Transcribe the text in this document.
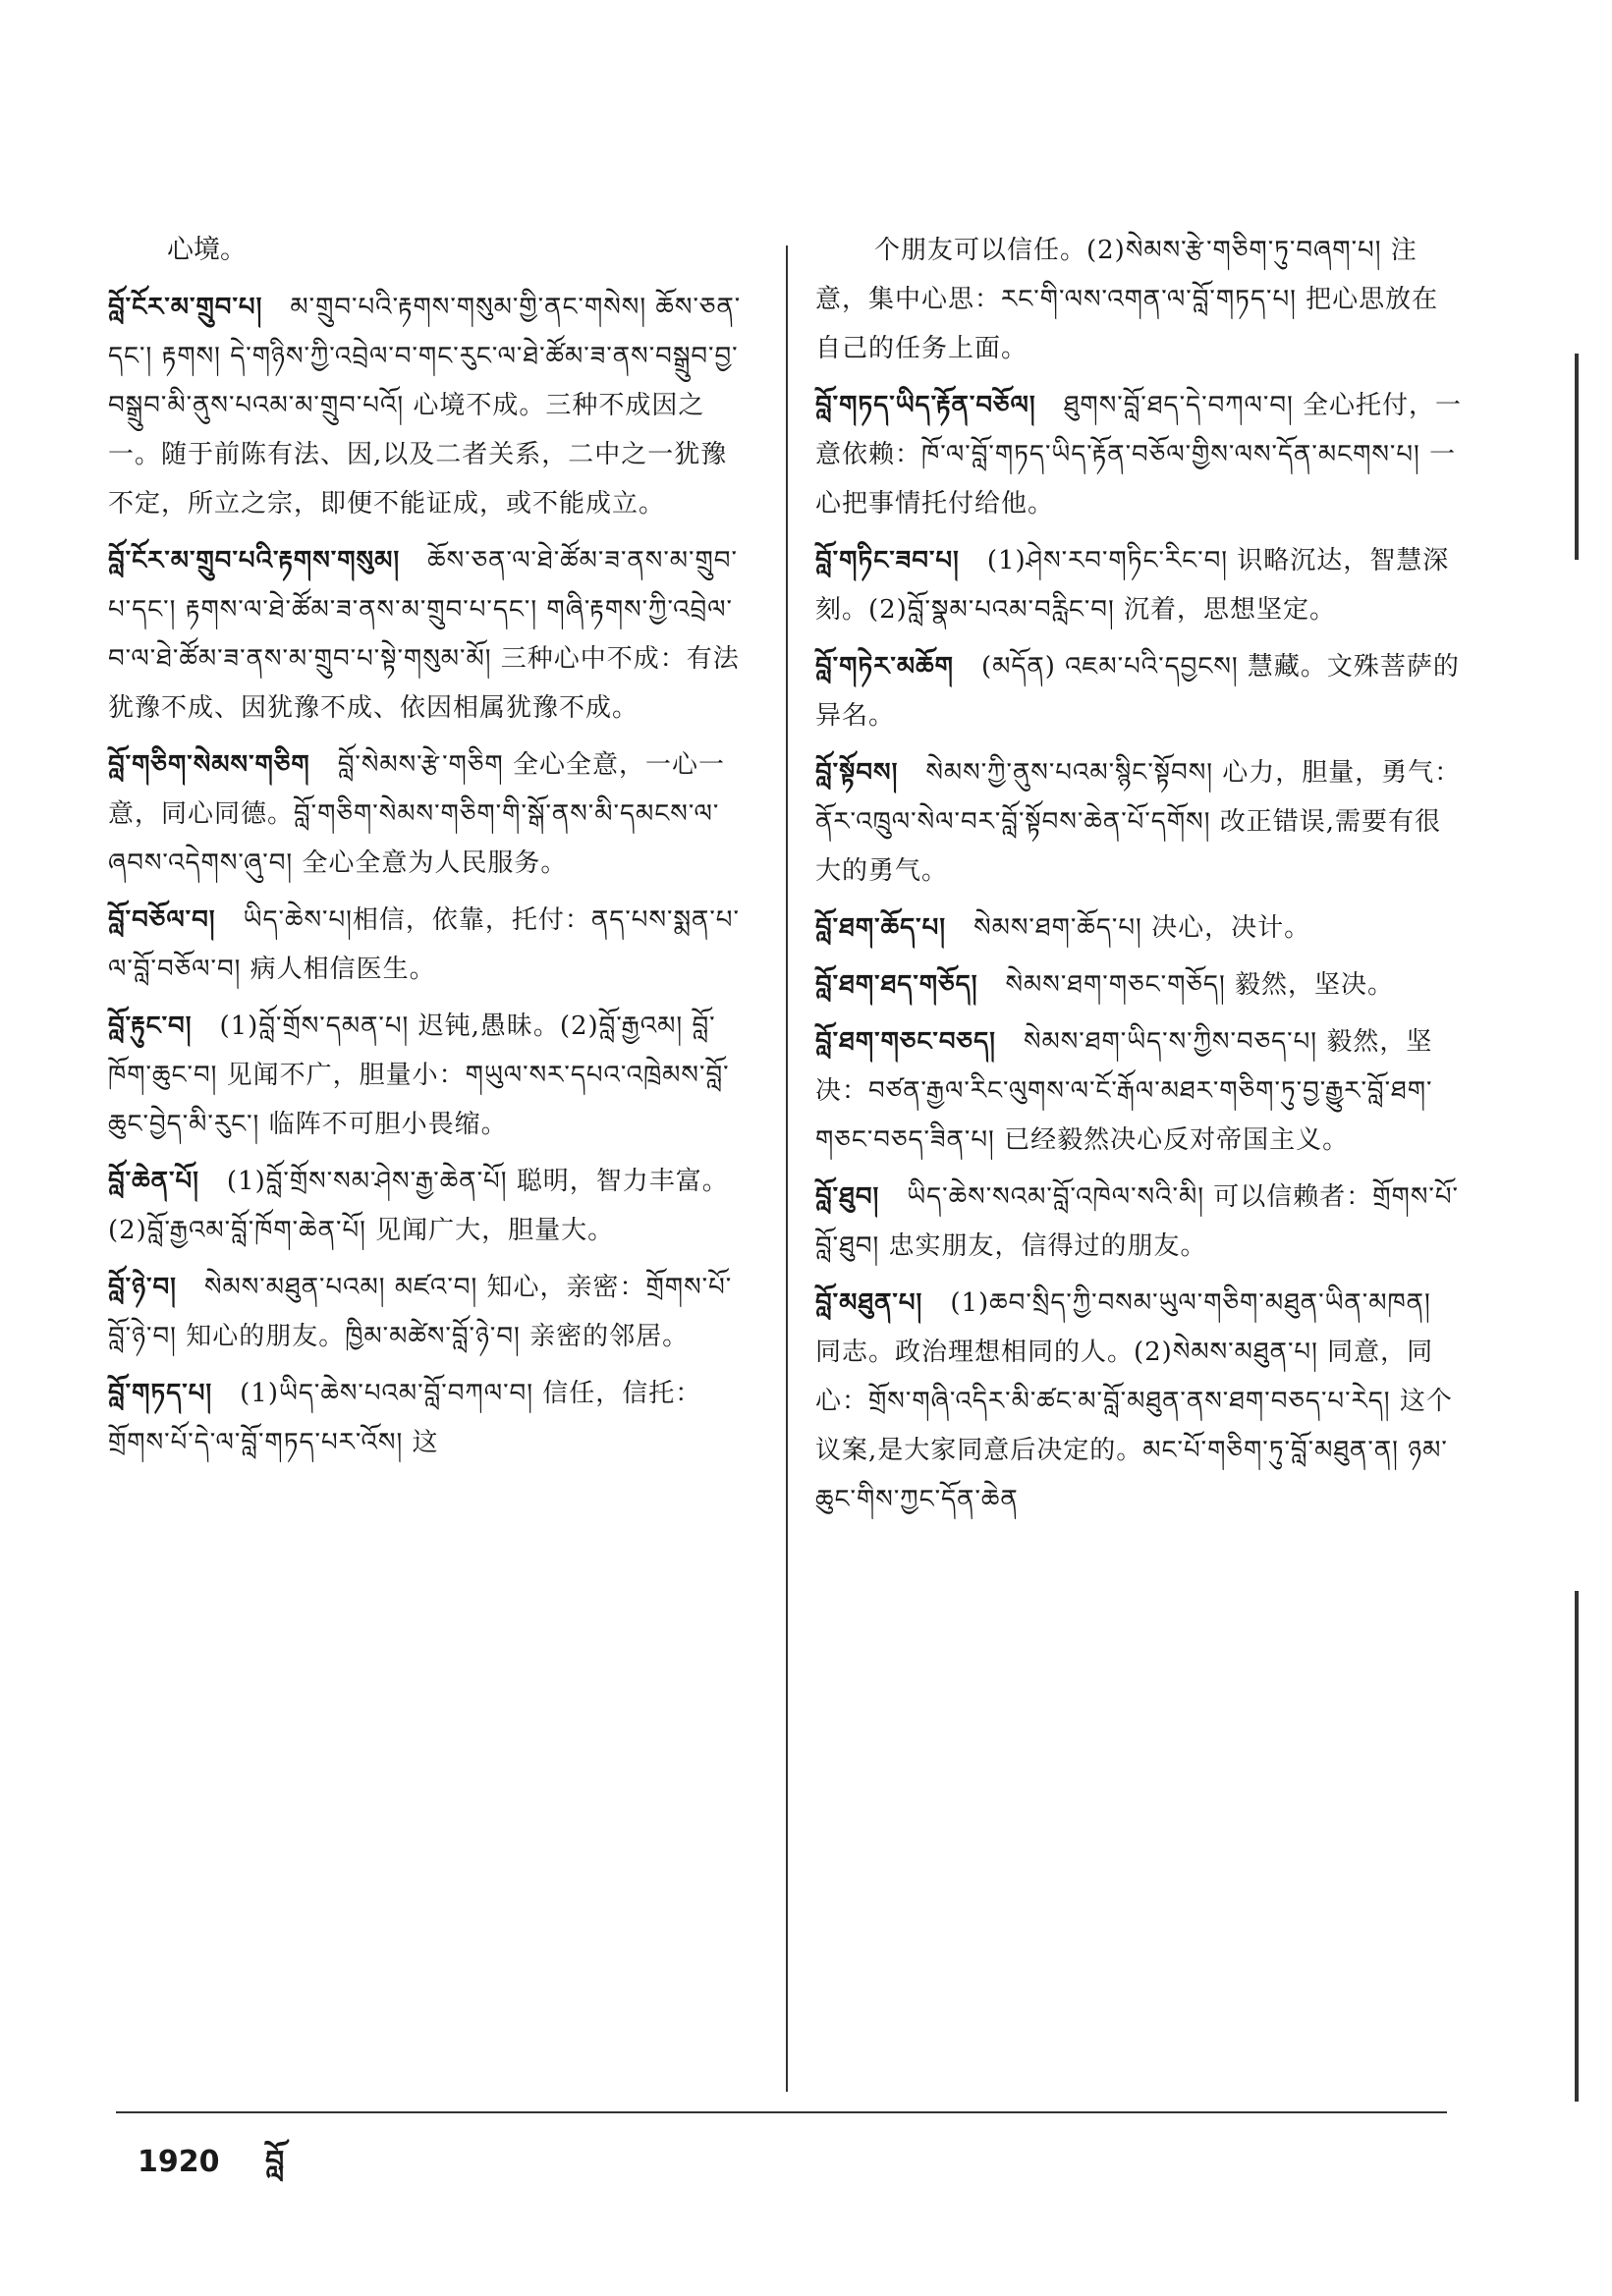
心境。
བློ་ངོར་མ་གྲུབ་པ། མ་གྲུབ་པའི་རྟགས་གསུམ་གྱི་ནང་གསེས། ཆོས་ཅན་དང་། རྟགས། དེ་གཉིས་ཀྱི་འབྲེལ་བ་གང་རུང་ལ་ཐེ་ཚོམ་ཟ་ནས་བསྒྲུབ་བྱ་བསྒྲུབ་མི་ནུས་པའམ་མ་གྲུབ་པའོ། 心境不成。三种不成因之一。随于前陈有法、因,以及二者关系，二中之一犹豫不定，所立之宗，即便不能证成，或不能成立。
བློ་ངོར་མ་གྲུབ་པའི་རྟགས་གསུམ། ཆོས་ཅན་ལ་ཐེ་ཚོམ་ཟ་ནས་མ་གྲུབ་པ་དང་། རྟགས་ལ་ཐེ་ཚོམ་ཟ་ནས་མ་གྲུབ་པ་དང་། གཞི་རྟགས་ཀྱི་འབྲེལ་བ་ལ་ཐེ་ཚོམ་ཟ་ནས་མ་གྲུབ་པ་སྟེ་གསུམ་མོ། 三种心中不成：有法犹豫不成、因犹豫不成、依因相属犹豫不成。
བློ་གཅིག་སེམས་གཅིག བློ་སེམས་རྩེ་གཅིག 全心全意，一心一意，同心同德。བློ་གཅིག་སེམས་གཅིག་གི་སྒོ་ནས་མི་དམངས་ལ་ཞབས་འདེགས་ཞུ་བ། 全心全意为人民服务。
བློ་བཅོལ་བ། ཡིད་ཆེས་པ།相信，依靠，托付：ནད་པས་སྨན་པ་ལ་བློ་བཅོལ་བ། 病人相信医生。
བློ་རྟུང་བ། (1)བློ་གྲོས་དམན་པ། 迟钝,愚昧。(2)བློ་རྒྱའམ། བློ་ཁོག་ཆུང་བ། 见闻不广，胆量小：གཡུལ་སར་དཔའ་འཁྲེམས་བློ་ཆུང་བྱེད་མི་རུང་། 临阵不可胆小畏缩。
བློ་ཆེན་པོ། (1)བློ་གྲོས་སམ་ཤེས་རྒྱ་ཆེན་པོ། 聪明，智力丰富。(2)བློ་རྒྱའམ་བློ་ཁོག་ཆེན་པོ། 见闻广大，胆量大。
བློ་ཉེ་བ། སེམས་མཐུན་པའམ། མཛའ་བ། 知心，亲密：གྲོགས་པོ་བློ་ཉེ་བ། 知心的朋友。ཁྱིམ་མཚེས་བློ་ཉེ་བ། 亲密的邻居。
བློ་གཏད་པ། (1)ཡིད་ཆེས་པའམ་བློ་བཀལ་བ། 信任，信托：གྲོགས་པོ་དེ་ལ་བློ་གཏད་པར་འོས། 这
个朋友可以信任。(2)སེམས་རྩེ་གཅིག་ཏུ་བཞག་པ། 注意，集中心思：རང་གི་ལས་འགན་ལ་བློ་གཏད་པ། 把心思放在自己的任务上面。
བློ་གཏད་ཡིད་རྟོན་བཅོལ། ཐུགས་བློ་ཐད་དེ་བཀལ་བ། 全心托付，一意依赖：ཁོ་ལ་བློ་གཏད་ཡིད་རྟོན་བཅོལ་གྱིས་ལས་དོན་མངགས་པ། 一心把事情托付给他。
བློ་གཏིང་ཟབ་པ། (1)ཤེས་རབ་གཏིང་རིང་བ། 识略沉达，智慧深刻。(2)བློ་སྣམ་པའམ་བརླིང་བ། 沉着，思想坚定。
བློ་གཏེར་མཆོག (མདོན) འཇམ་པའི་དབྱངས། 慧藏。文殊菩萨的异名。
བློ་སྟོབས། སེམས་ཀྱི་ནུས་པའམ་སྙིང་སྟོབས། 心力，胆量，勇气：ནོར་འཁྲུལ་སེལ་བར་བློ་སྟོབས་ཆེན་པོ་དགོས། 改正错误,需要有很大的勇气。
བློ་ཐག་ཆོད་པ། སེམས་ཐག་ཆོད་པ། 决心，决计。
བློ་ཐག་ཐད་གཅོད། སེམས་ཐག་གཅང་གཅོད། 毅然，坚决。
བློ་ཐག་གཅང་བཅད། སེམས་ཐག་ཡིད་ས་ཀྱིས་བཅད་པ། 毅然，坚决：བཙན་རྒྱལ་རིང་ལུགས་ལ་ངོ་རྒོལ་མཐར་གཅིག་ཏུ་བྱ་རྒྱུར་བློ་ཐག་གཅང་བཅད་ཟིན་པ། 已经毅然决心反对帝国主义。
བློ་ཐུབ། ཡིད་ཆེས་སའམ་བློ་འཁེལ་སའི་མི། 可以信赖者：གྲོགས་པོ་བློ་ཐུབ། 忠实朋友，信得过的朋友。
བློ་མཐུན་པ། (1)ཆབ་སྲིད་ཀྱི་བསམ་ཡུལ་གཅིག་མཐུན་ཡིན་མཁན། 同志。政治理想相同的人。(2)སེམས་མཐུན་པ། 同意，同心：གྲོས་གཞི་འདིར་མི་ཚང་མ་བློ་མཐུན་ནས་ཐག་བཅད་པ་རེད། 这个议案,是大家同意后决定的。མང་པོ་གཅིག་ཏུ་བློ་མཐུན་ན། ཉམ་ཆུང་གིས་ཀྱང་དོན་ཆེན
1920 བློ
